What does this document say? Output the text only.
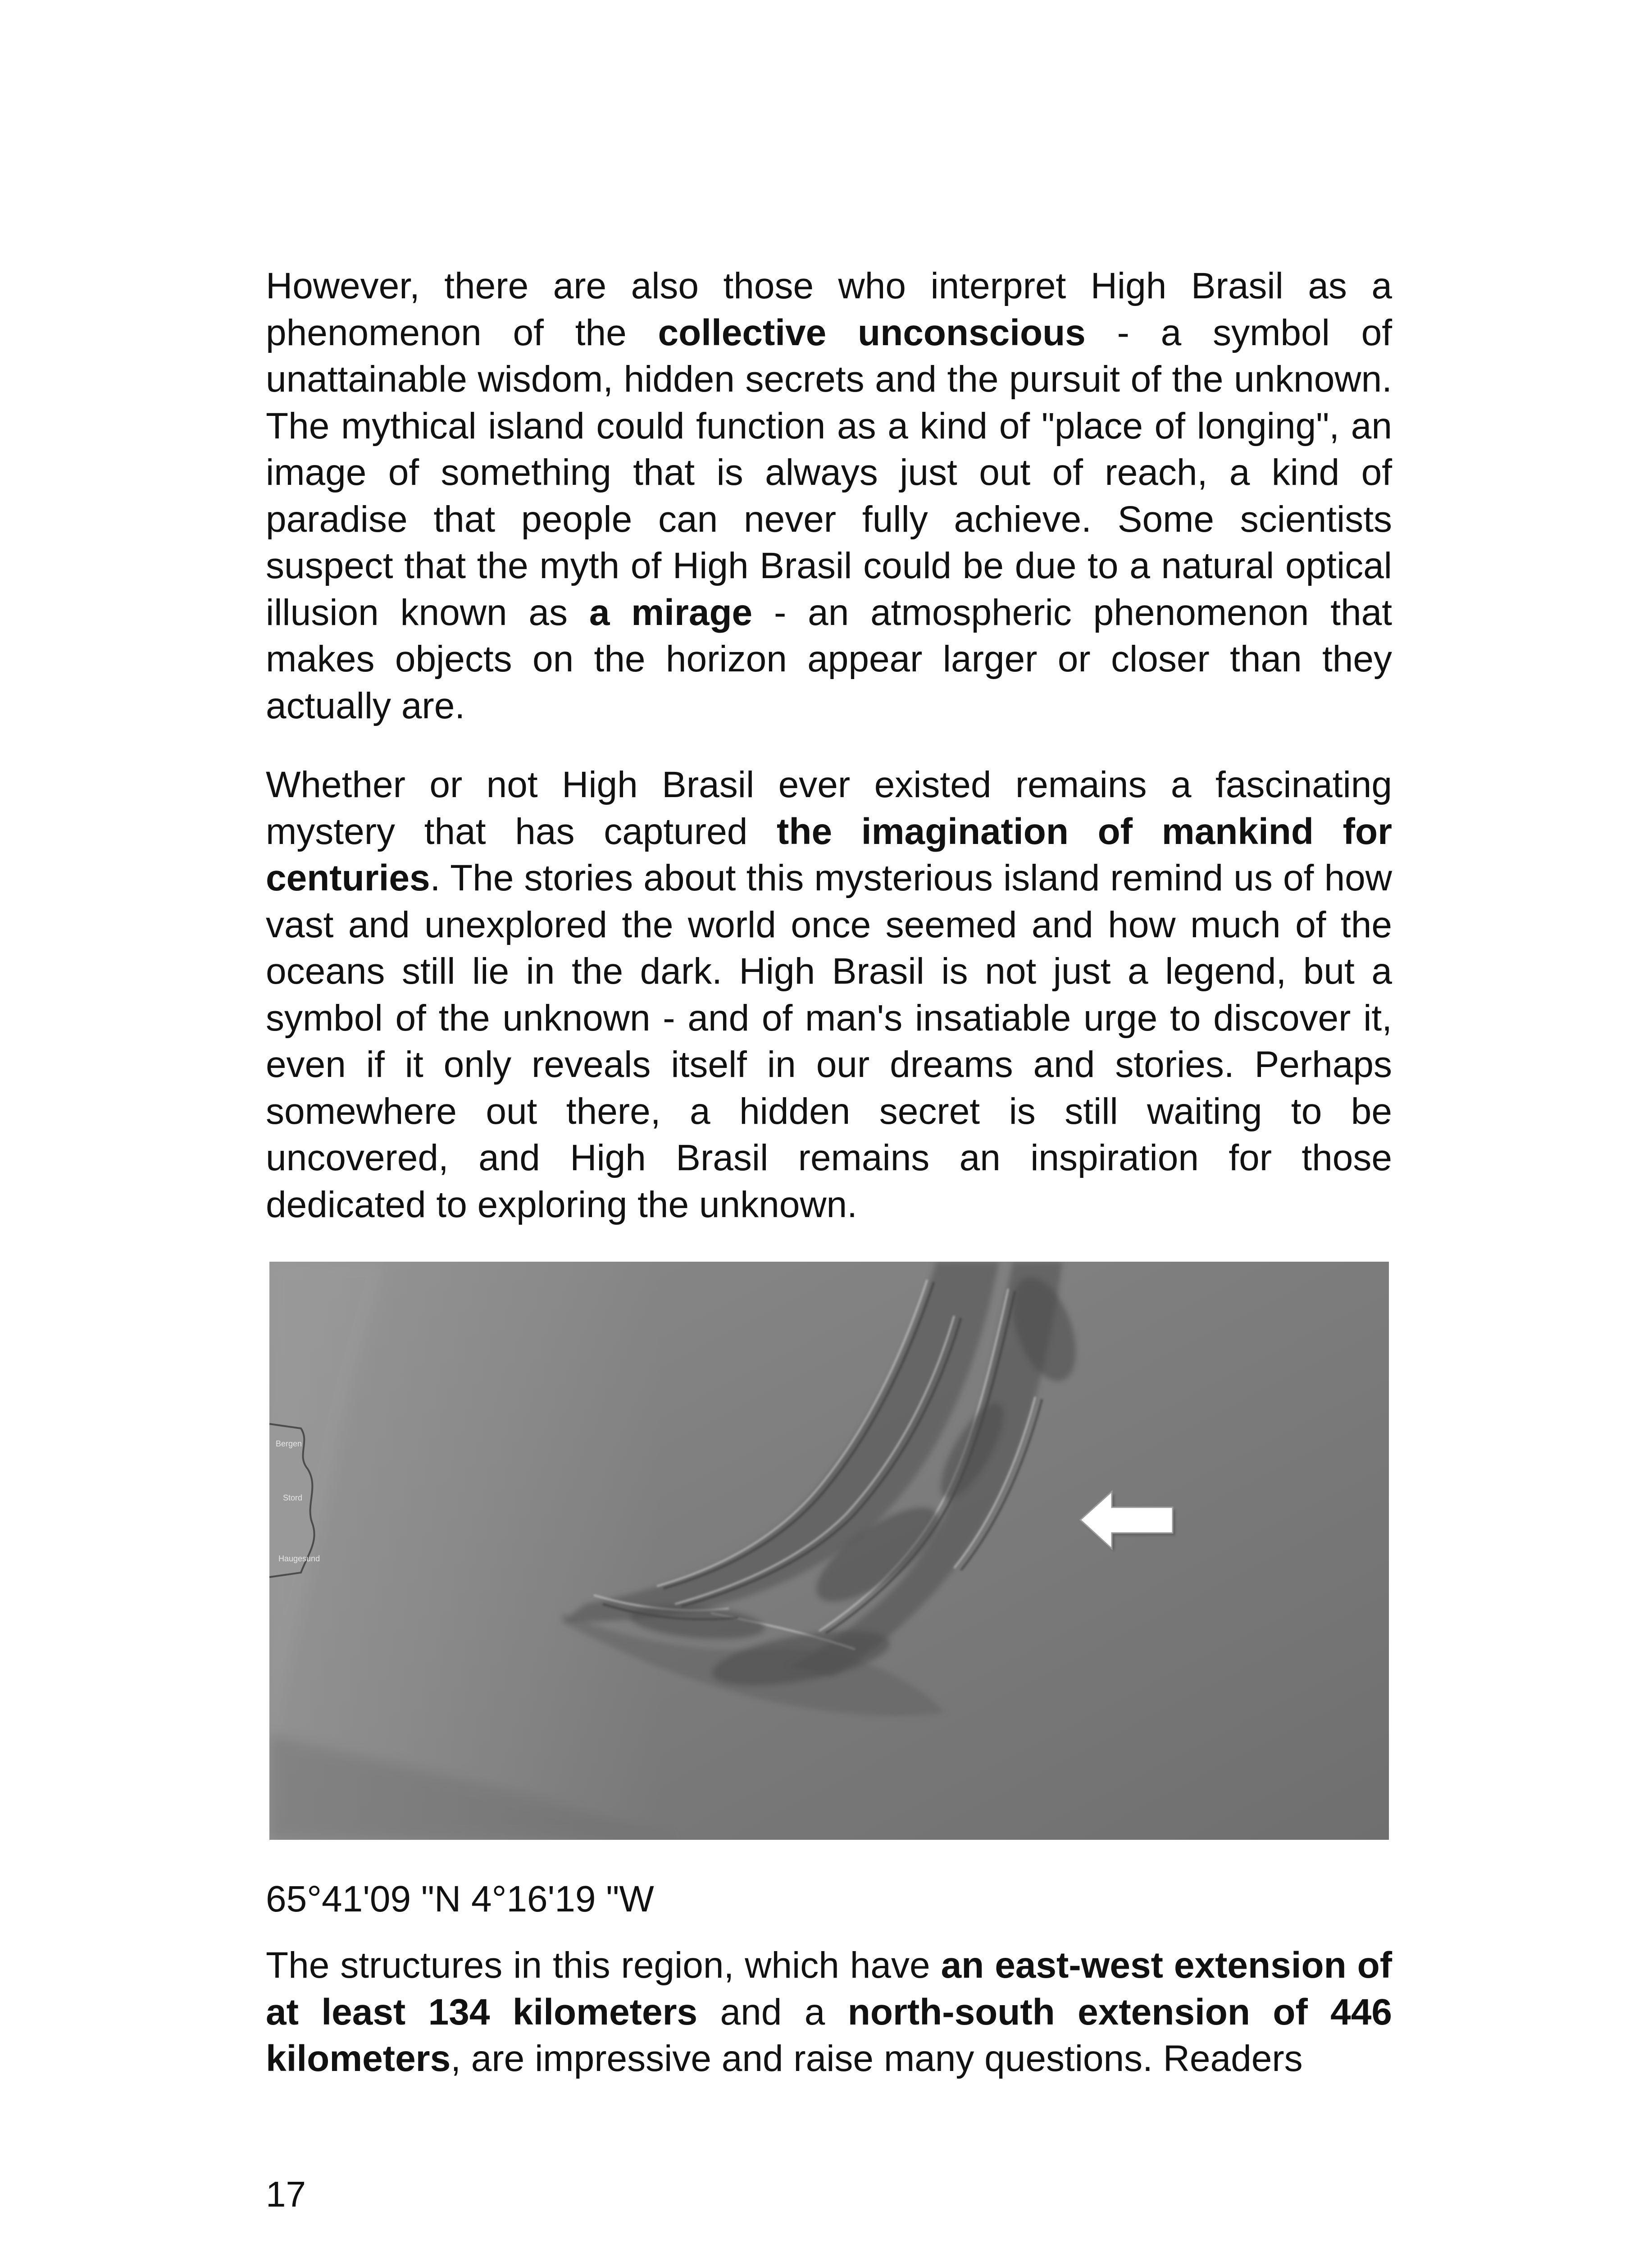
However, there are also those who interpret High Brasil as a phenomenon of the collective unconscious - a symbol of unattainable wisdom, hidden secrets and the pursuit of the unknown. The mythical island could function as a kind of "place of longing", an image of something that is always just out of reach, a kind of paradise that people can never fully achieve. Some scientists suspect that the myth of High Brasil could be due to a natural optical illusion known as a mirage - an atmospheric phenomenon that makes objects on the horizon appear larger or closer than they actually are.

Whether or not High Brasil ever existed remains a fascinating mystery that has captured the imagination of mankind for centuries. The stories about this mysterious island remind us of how vast and unexplored the world once seemed and how much of the oceans still lie in the dark. High Brasil is not just a legend, but a symbol of the unknown - and of man's insatiable urge to discover it, even if it only reveals itself in our dreams and stories. Perhaps somewhere out there, a hidden secret is still waiting to be uncovered, and High Brasil remains an inspiration for those dedicated to exploring the unknown.

Bergen
Stord
Haugesund

65°41'09 "N 4°16'19 "W

The structures in this region, which have an east-west extension of at least 134 kilometers and a north-south extension of 446 kilometers, are impressive and raise many questions. Readers

17
